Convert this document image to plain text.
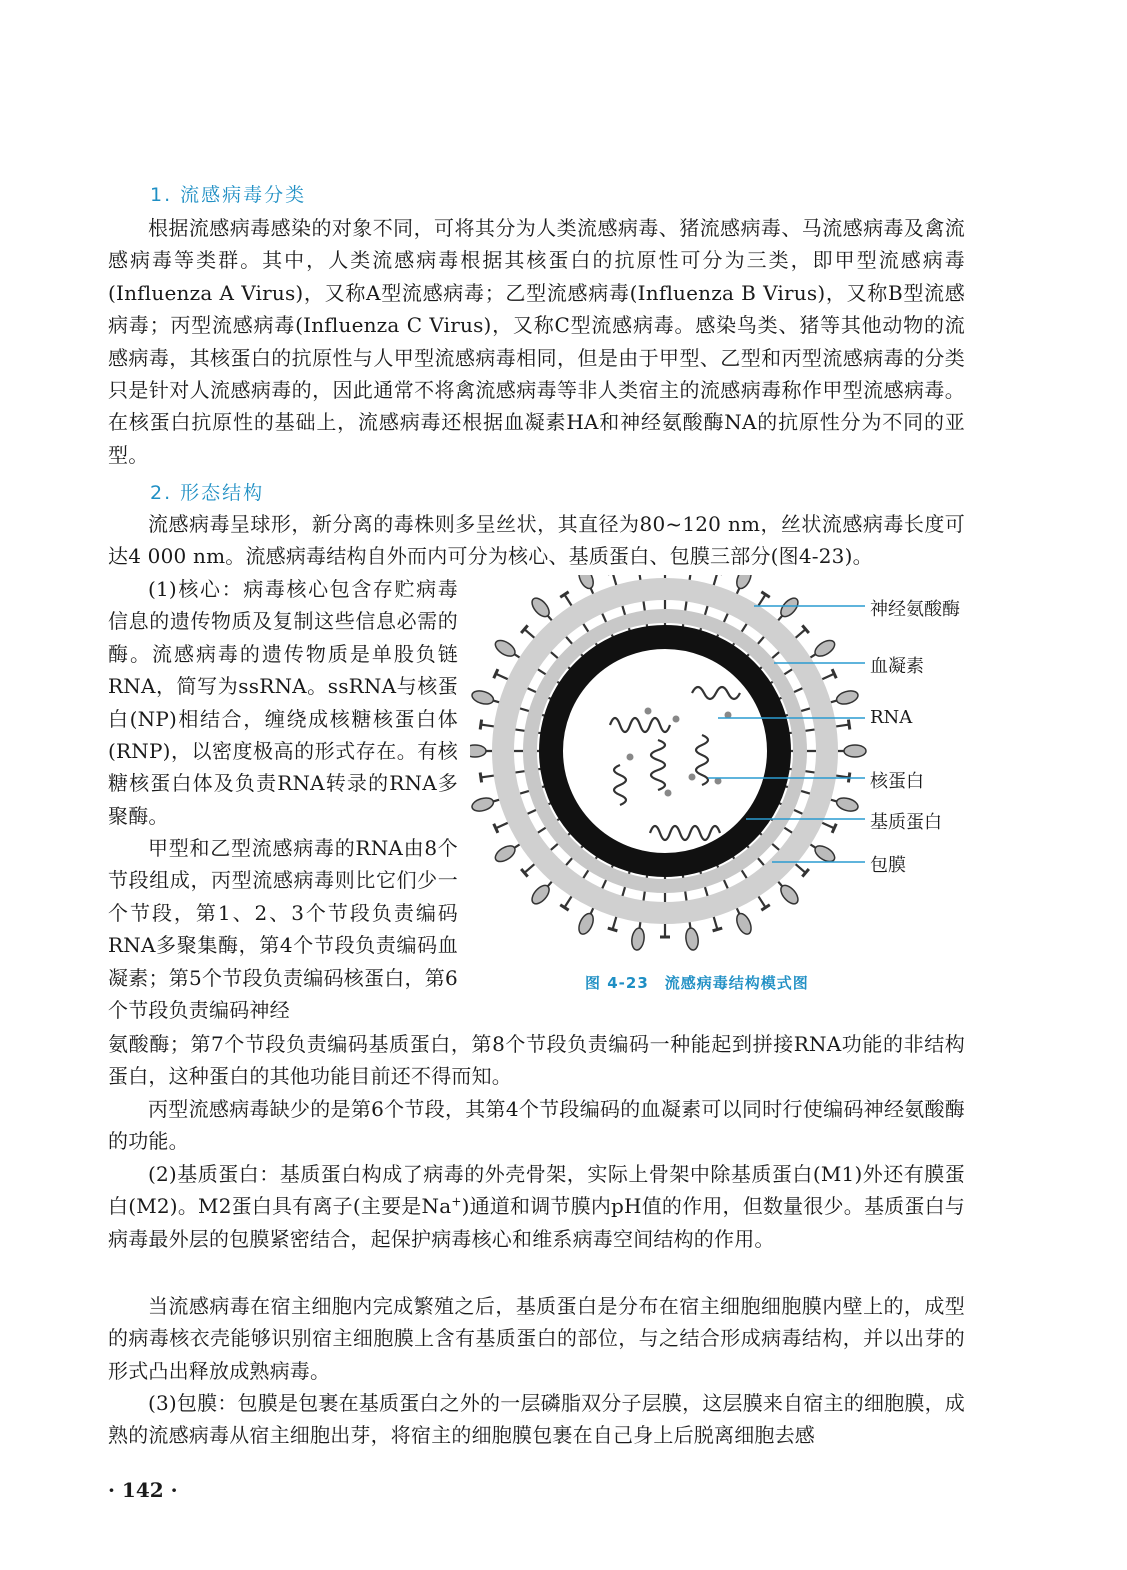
1. 流感病毒分类

根据流感病毒感染的对象不同，可将其分为人类流感病毒、猪流感病毒、马流感病毒及禽流感病毒等类群。其中，人类流感病毒根据其核蛋白的抗原性可分为三类，即甲型流感病毒(Influenza A Virus)，又称A型流感病毒；乙型流感病毒(Influenza B Virus)，又称B型流感病毒；丙型流感病毒(Influenza C Virus)，又称C型流感病毒。感染鸟类、猪等其他动物的流感病毒，其核蛋白的抗原性与人甲型流感病毒相同，但是由于甲型、乙型和丙型流感病毒的分类只是针对人流感病毒的，因此通常不将禽流感病毒等非人类宿主的流感病毒称作甲型流感病毒。在核蛋白抗原性的基础上，流感病毒还根据血凝素HA和神经氨酸酶NA的抗原性分为不同的亚型。

2. 形态结构

流感病毒呈球形，新分离的毒株则多呈丝状，其直径为80~120 nm，丝状流感病毒长度可达4 000 nm。流感病毒结构自外而内可分为核心、基质蛋白、包膜三部分(图4-23)。

(1)核心：病毒核心包含存贮病毒信息的遗传物质及复制这些信息必需的酶。流感病毒的遗传物质是单股负链RNA，简写为ssRNA。ssRNA与核蛋白(NP)相结合，缠绕成核糖核蛋白体(RNP)，以密度极高的形式存在。有核糖核蛋白体及负责RNA转录的RNA多聚酶。

甲型和乙型流感病毒的RNA由8个节段组成，丙型流感病毒则比它们少一个节段，第1、2、3个节段负责编码RNA多聚集酶，第4个节段负责编码血凝素；第5个节段负责编码核蛋白，第6个节段负责编码神经

氨酸酶；第7个节段负责编码基质蛋白，第8个节段负责编码一种能起到拼接RNA功能的非结构蛋白，这种蛋白的其他功能目前还不得而知。

丙型流感病毒缺少的是第6个节段，其第4个节段编码的血凝素可以同时行使编码神经氨酸酶的功能。

(2)基质蛋白：基质蛋白构成了病毒的外壳骨架，实际上骨架中除基质蛋白(M1)外还有膜蛋白(M2)。M2蛋白具有离子(主要是Na+)通道和调节膜内pH值的作用，但数量很少。基质蛋白与病毒最外层的包膜紧密结合，起保护病毒核心和维系病毒空间结构的作用。

当流感病毒在宿主细胞内完成繁殖之后，基质蛋白是分布在宿主细胞细胞膜内壁上的，成型的病毒核衣壳能够识别宿主细胞膜上含有基质蛋白的部位，与之结合形成病毒结构，并以出芽的形式凸出释放成熟病毒。

(3)包膜：包膜是包裹在基质蛋白之外的一层磷脂双分子层膜，这层膜来自宿主的细胞膜，成熟的流感病毒从宿主细胞出芽，将宿主的细胞膜包裹在自己身上后脱离细胞去感

神经氨酸酶
血凝素
RNA
核蛋白
基质蛋白
包膜
图 4-23　流感病毒结构模式图
· 142 ·
